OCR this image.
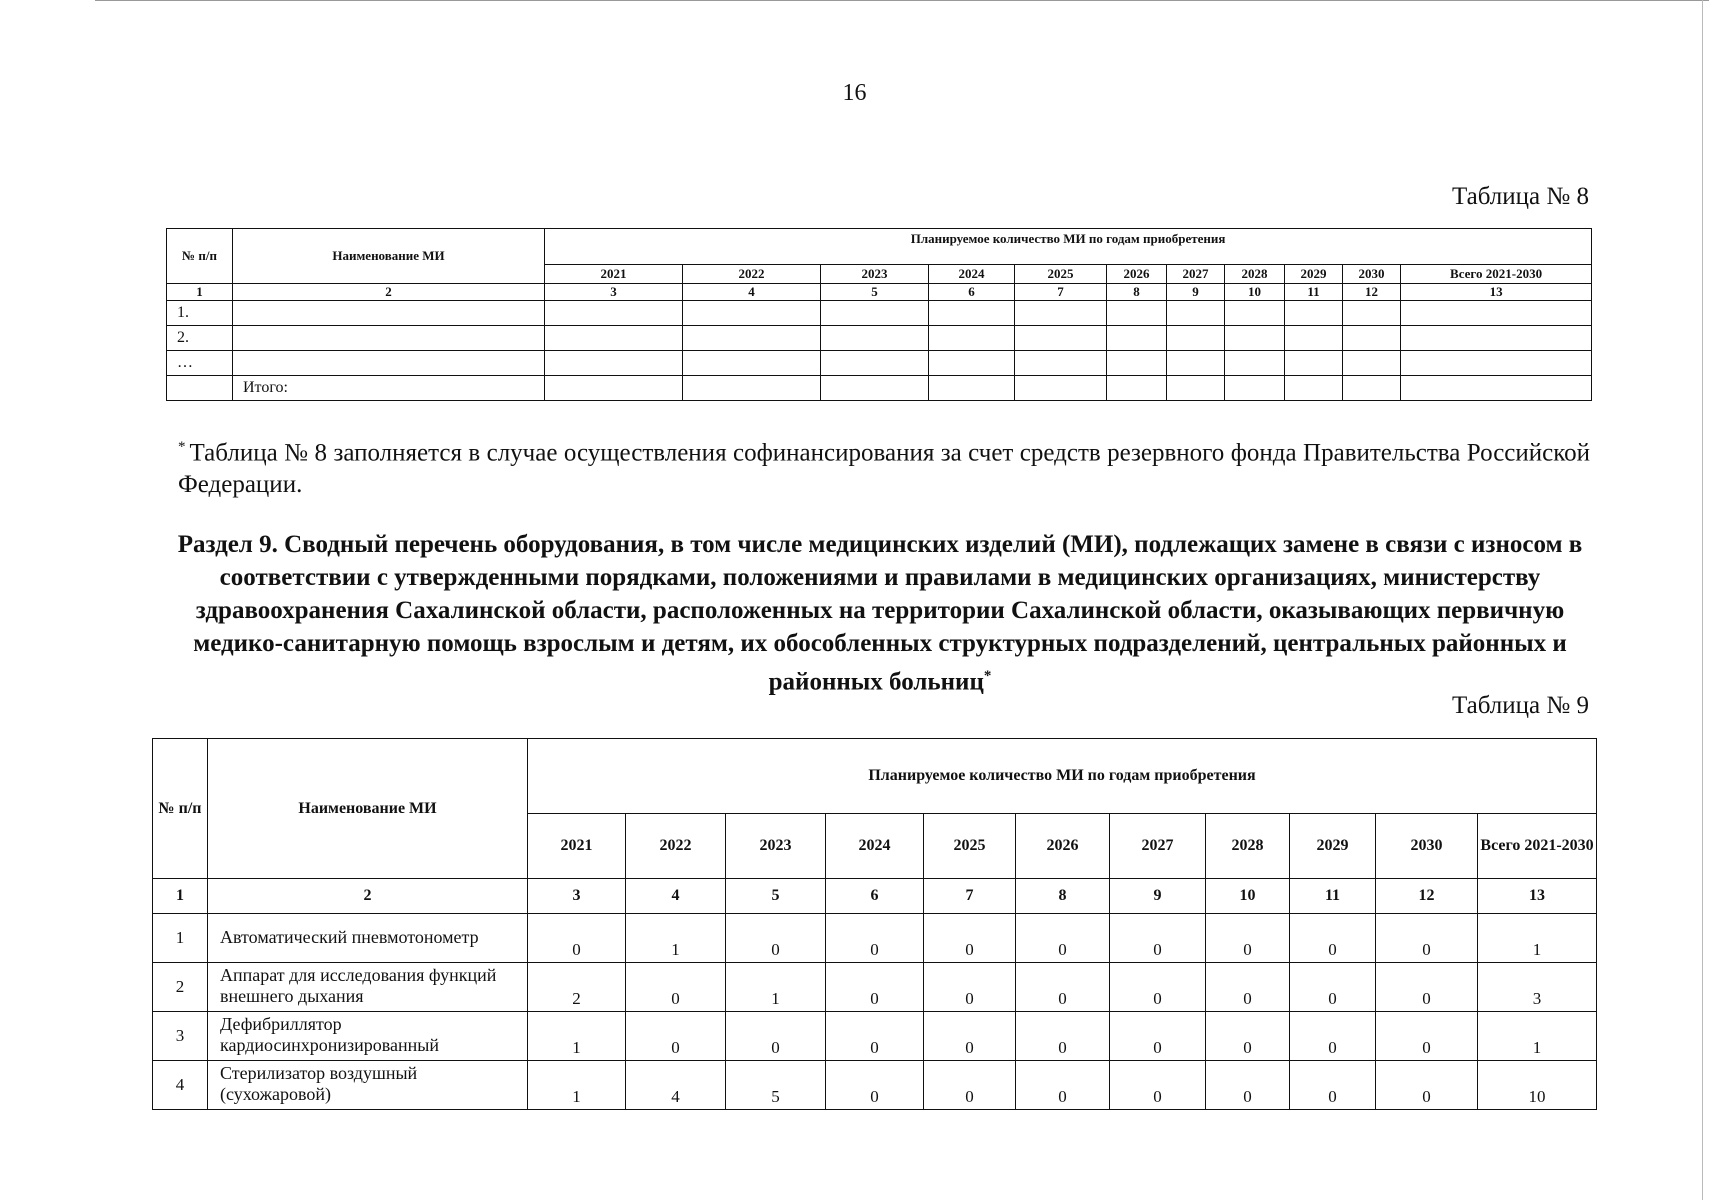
16
Таблица № 8
№ п/п	Наименование МИ	Планируемое количество МИ по годам приобретения										
		2021	2022	2023	2024	2025	2026	2027	2028	2029	2030	Всего 2021-2030
1	2	3	4	5	6	7	8	9	10	11	12	13
1.												
2.												
…												
	Итого:											
* Таблица № 8 заполняется в случае осуществления софинансирования за счет средств резервного фонда Правительства Российской Федерации.
Раздел 9. Сводный перечень оборудования, в том числе медицинских изделий (МИ), подлежащих замене в связи с износом в соответствии с утвержденными порядками, положениями и правилами в медицинских организациях, министерству здравоохранения Сахалинской области, расположенных на территории Сахалинской области, оказывающих первичную медико-санитарную помощь взрослым и детям, их обособленных структурных подразделений, центральных районных и районных больниц*
Таблица № 9
№ п/п	Наименование МИ	Планируемое количество МИ по годам приобретения										
		2021	2022	2023	2024	2025	2026	2027	2028	2029	2030	Всего 2021-2030
1	2	3	4	5	6	7	8	9	10	11	12	13
1	Автоматический пневмотонометр	0	1	0	0	0	0	0	0	0	0	1
2	Аппарат для исследования функций внешнего дыхания	2	0	1	0	0	0	0	0	0	0	3
3	Дефибриллятор кардиосинхронизированный	1	0	0	0	0	0	0	0	0	0	1
4	Стерилизатор воздушный (сухожаровой)	1	4	5	0	0	0	0	0	0	0	10
